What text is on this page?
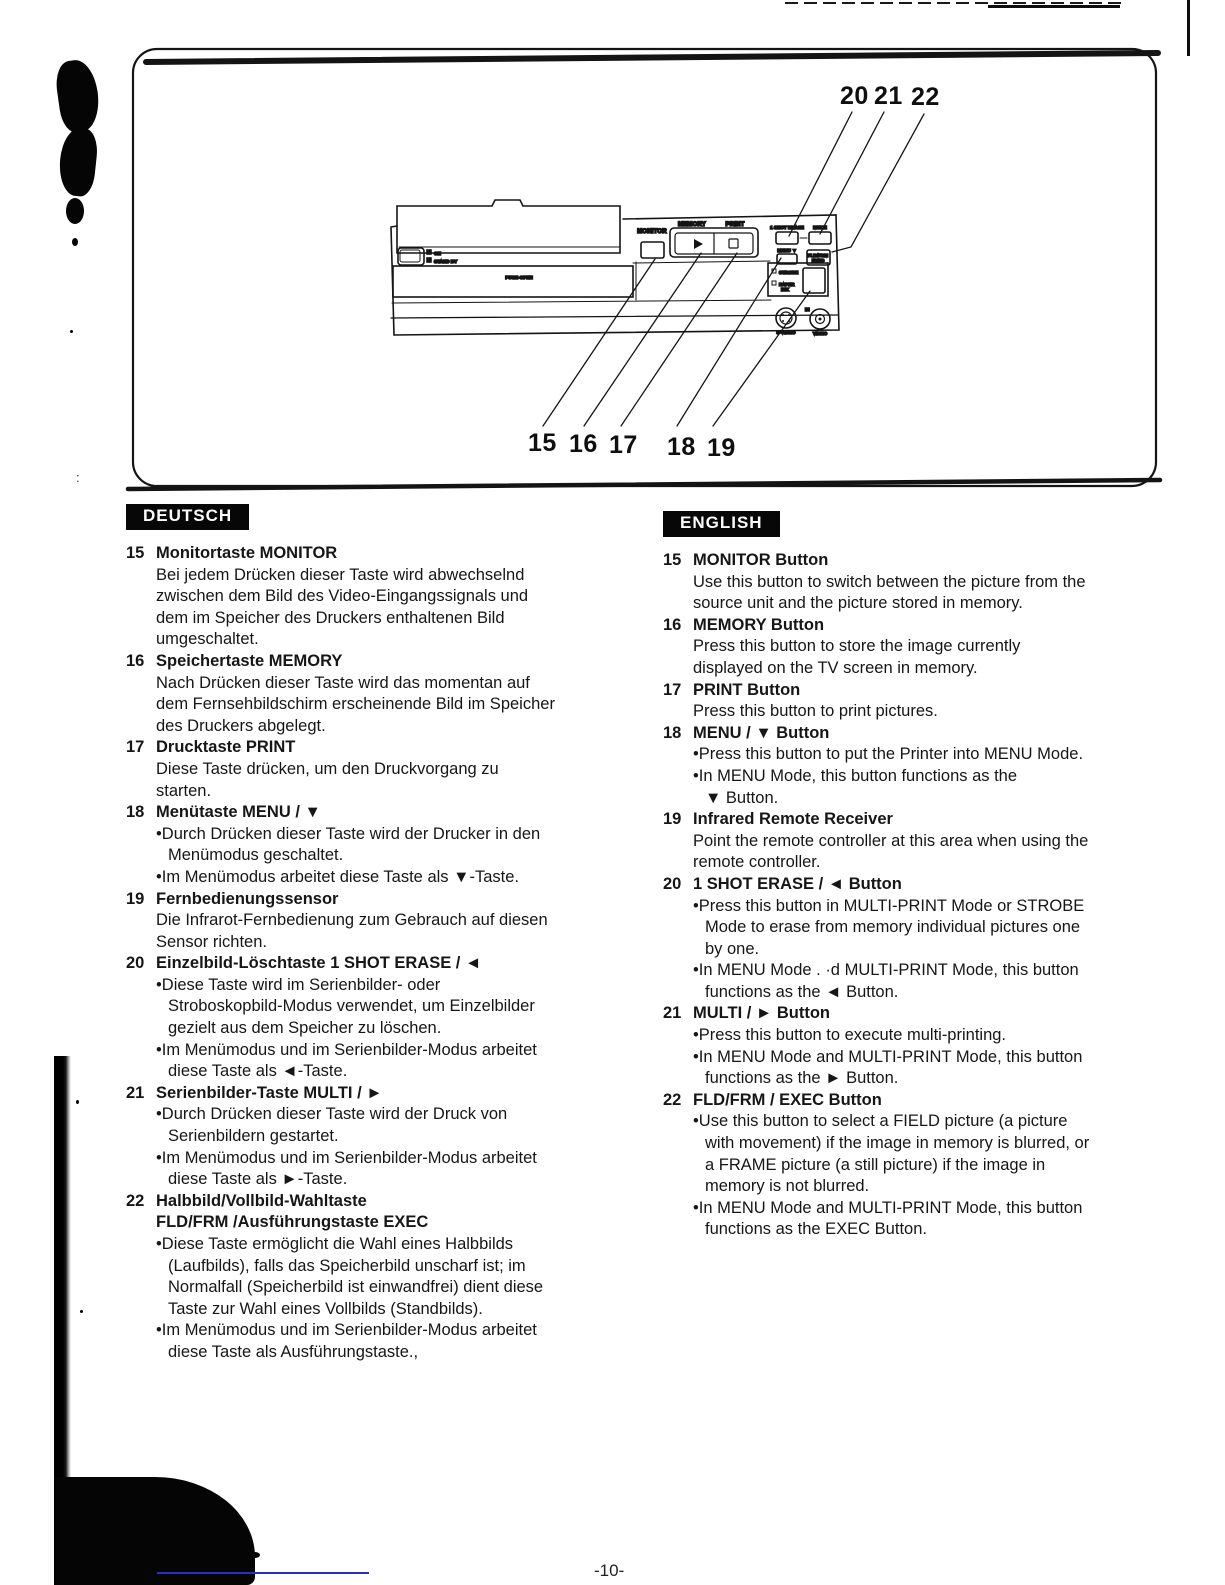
:
ON
STAND BY
PUSH-OPEN
MONITOR
MEMORY	PRINT	1 SHOT ERASE MULTI
MENU ▼
FLD/FRM
EXEC
STROBE
PAPER
INK
IN
S-VIDEO	VIDEO
20 21 22
15 16 17 18 19
DEUTSCH
15 Monitortaste MONITOR
Bei jedem Drücken dieser Taste wird abwechselnd
zwischen dem Bild des Video-Eingangssignals und
dem im Speicher des Druckers enthaltenen Bild
umgeschaltet.
16 Speichertaste MEMORY
Nach Drücken dieser Taste wird das momentan auf
dem Fernsehbildschirm erscheinende Bild im Speicher
des Druckers abgelegt.
17 Drucktaste PRINT
Diese Taste drücken, um den Druckvorgang zu
starten.
18 Menütaste MENU / ▼
•Durch Drücken dieser Taste wird der Drucker in den
Menümodus geschaltet.
•Im Menümodus arbeitet diese Taste als ▼-Taste.
19 Fernbedienungssensor
Die Infrarot-Fernbedienung zum Gebrauch auf diesen
Sensor richten.
20 Einzelbild-Löschtaste 1 SHOT ERASE / ◄
•Diese Taste wird im Serienbilder- oder
Stroboskopbild-Modus verwendet, um Einzelbilder
gezielt aus dem Speicher zu löschen.
•Im Menümodus und im Serienbilder-Modus arbeitet
diese Taste als ◄-Taste.
21 Serienbilder-Taste MULTI / ►
•Durch Drücken dieser Taste wird der Druck von
Serienbildern gestartet.
•Im Menümodus und im Serienbilder-Modus arbeitet
diese Taste als ►-Taste.
22 Halbbild/Vollbild-Wahltaste
FLD/FRM /Ausführungstaste EXEC
•Diese Taste ermöglicht die Wahl eines Halbbilds
(Laufbilds), falls das Speicherbild unscharf ist; im
Normalfall (Speicherbild ist einwandfrei) dient diese
Taste zur Wahl eines Vollbilds (Standbilds).
•Im Menümodus und im Serienbilder-Modus arbeitet
diese Taste als Ausführungstaste.,
ENGLISH
15 MONITOR Button
Use this button to switch between the picture from the
source unit and the picture stored in memory.
16 MEMORY Button
Press this button to store the image currently
displayed on the TV screen in memory.
17 PRINT Button
Press this button to print pictures.
18 MENU / ▼ Button
•Press this button to put the Printer into MENU Mode.
•In MENU Mode, this button functions as the
▼ Button.
19 Infrared Remote Receiver
Point the remote controller at this area when using the
remote controller.
20 1 SHOT ERASE / ◄ Button
•Press this button in MULTI-PRINT Mode or STROBE
Mode to erase from memory individual pictures one
by one.
•In MENU Mode . ·d MULTI-PRINT Mode, this button
functions as the ◄ Button.
21 MULTI / ► Button
•Press this button to execute multi-printing.
•In MENU Mode and MULTI-PRINT Mode, this button
functions as the ► Button.
22 FLD/FRM / EXEC Button
•Use this button to select a FIELD picture (a picture
with movement) if the image in memory is blurred, or
a FRAME picture (a still picture) if the image in
memory is not blurred.
•In MENU Mode and MULTI-PRINT Mode, this button
functions as the EXEC Button.
-10-
